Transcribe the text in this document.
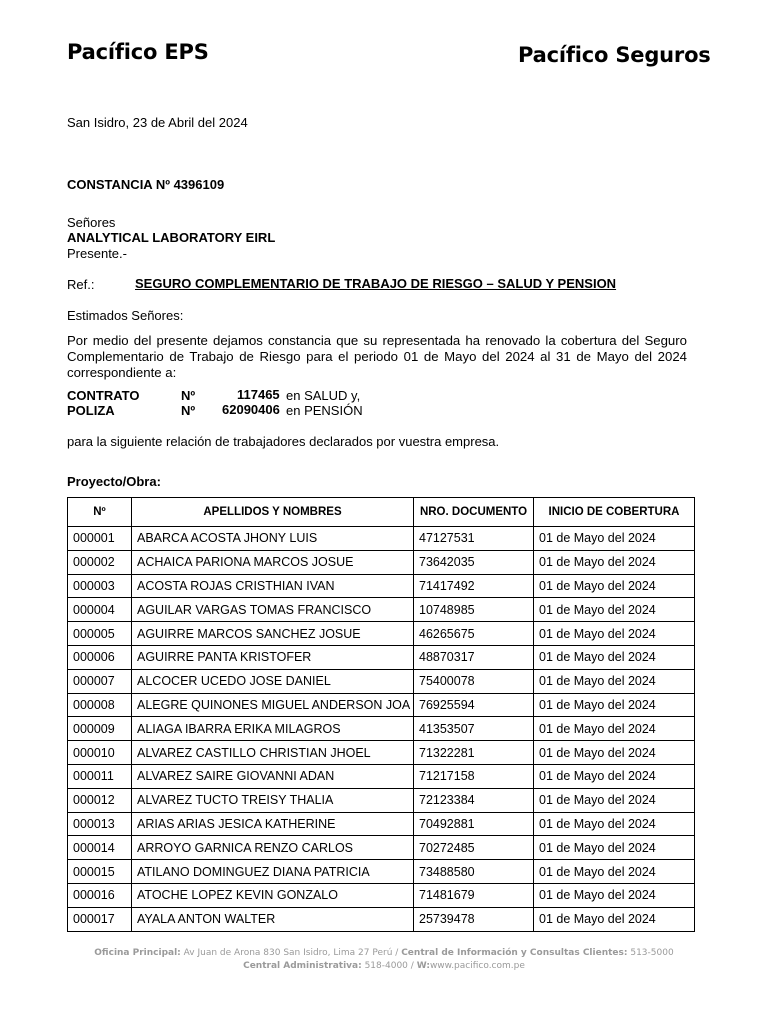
Pacífico EPS	Pacífico Seguros
San Isidro, 23 de Abril del 2024
CONSTANCIA Nº 4396109
Señores
ANALYTICAL LABORATORY EIRL
Presente.-
Ref.:	SEGURO COMPLEMENTARIO DE TRABAJO DE RIESGO – SALUD Y PENSION
Estimados Señores:
Por medio del presente dejamos constancia que su representada ha renovado la cobertura del Seguro
Complementario de Trabajo de Riesgo para el periodo 01 de Mayo del 2024 al 31 de Mayo del 2024
correspondiente a:
CONTRATO	Nº	117465 en SALUD y,
POLIZA	Nº 62090406 en PENSIÓN
para la siguiente relación de trabajadores declarados por vuestra empresa.
Proyecto/Obra:
Nº	APELLIDOS Y NOMBRES	NRO. DOCUMENTO	INICIO DE COBERTURA
000001	ABARCA ACOSTA JHONY LUIS	47127531	01 de Mayo del 2024
000002	ACHAICA PARIONA MARCOS JOSUE	73642035	01 de Mayo del 2024
000003	ACOSTA ROJAS CRISTHIAN IVAN	71417492	01 de Mayo del 2024
000004	AGUILAR VARGAS TOMAS FRANCISCO	10748985	01 de Mayo del 2024
000005	AGUIRRE MARCOS SANCHEZ JOSUE	46265675	01 de Mayo del 2024
000006	AGUIRRE PANTA KRISTOFER	48870317	01 de Mayo del 2024
000007	ALCOCER UCEDO JOSE DANIEL	75400078	01 de Mayo del 2024
000008	ALEGRE QUINONES MIGUEL ANDERSON JOA	76925594	01 de Mayo del 2024
000009	ALIAGA IBARRA ERIKA MILAGROS	41353507	01 de Mayo del 2024
000010	ALVAREZ CASTILLO CHRISTIAN JHOEL	71322281	01 de Mayo del 2024
000011	ALVAREZ SAIRE GIOVANNI ADAN	71217158	01 de Mayo del 2024
000012	ALVAREZ TUCTO TREISY THALIA	72123384	01 de Mayo del 2024
000013	ARIAS ARIAS JESICA KATHERINE	70492881	01 de Mayo del 2024
000014	ARROYO GARNICA RENZO CARLOS	70272485	01 de Mayo del 2024
000015	ATILANO DOMINGUEZ DIANA PATRICIA	73488580	01 de Mayo del 2024
000016	ATOCHE LOPEZ KEVIN GONZALO	71481679	01 de Mayo del 2024
000017	AYALA ANTON WALTER	25739478	01 de Mayo del 2024
Oficina Principal: Av Juan de Arona 830 San Isidro, Lima 27 Perú / Central de Información y Consultas Clientes: 513-5000
Central Administrativa: 518-4000 / W:www.pacifico.com.pe
